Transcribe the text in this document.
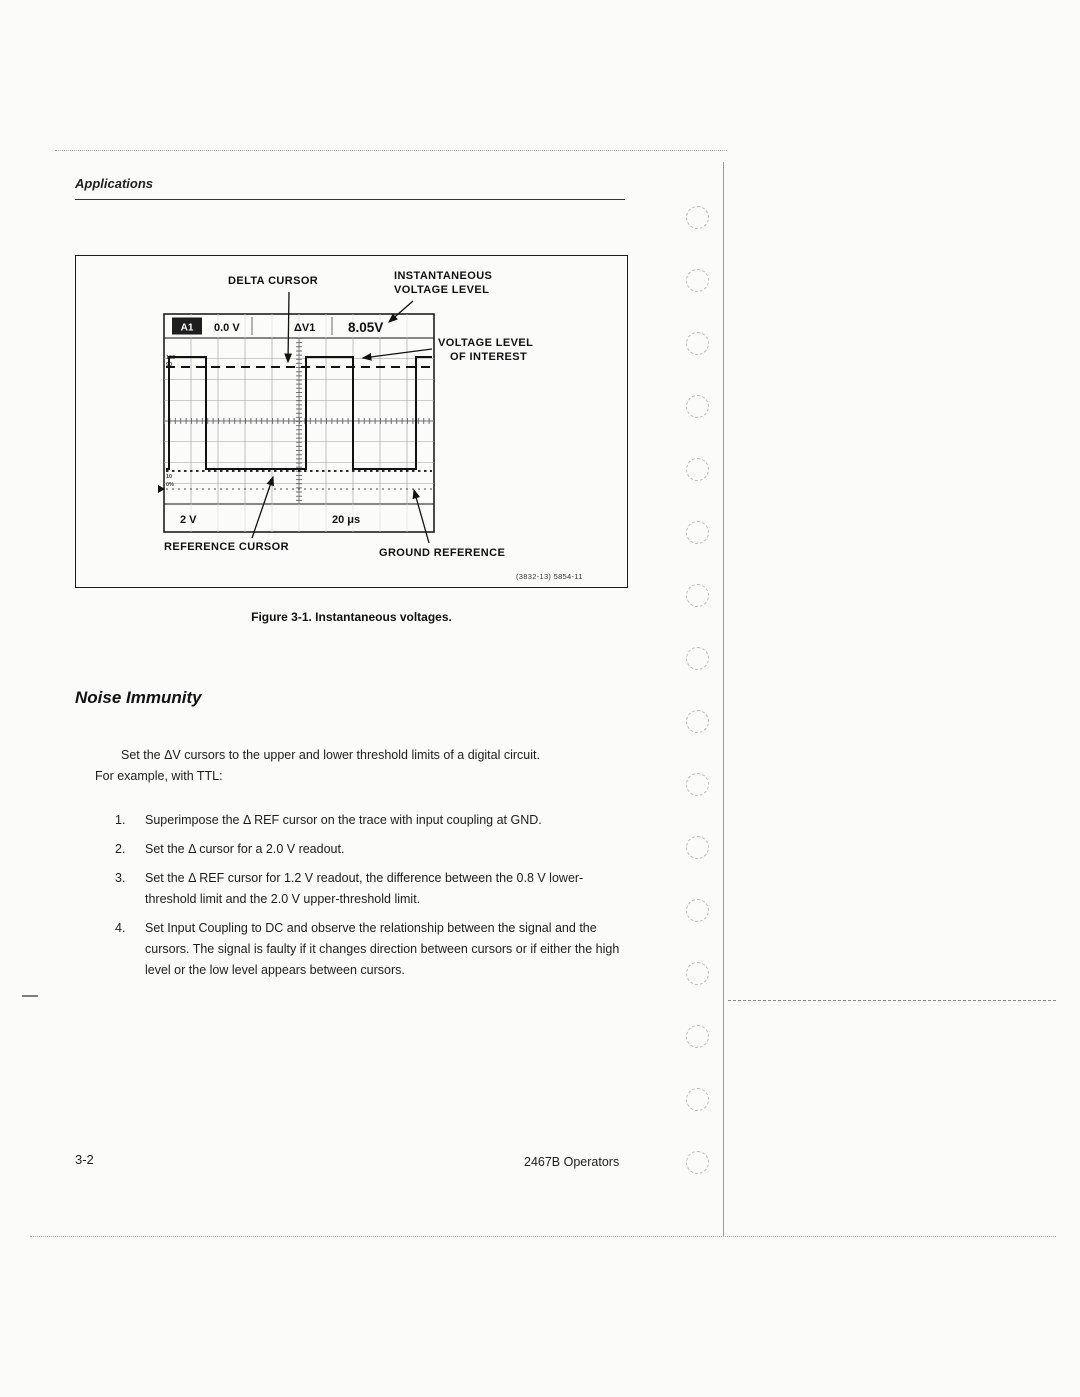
Applications
100
90
10
0%
A1 0.0 V	ΔV1 8.05V
2 V	20 μs
DELTA CURSOR	INSTANTANEOUS
VOLTAGE LEVEL
VOLTAGE LEVEL
OF INTEREST
REFERENCE CURSOR	GROUND REFERENCE
(3832-13) 5854-11
Figure 3-1. Instantaneous voltages.
Noise Immunity
Set the ΔV cursors to the upper and lower threshold limits of a digital circuit.
For example, with TTL:
1.	Superimpose the Δ REF cursor on the trace with input coupling at GND.
2.	Set the Δ cursor for a 2.0 V readout.
3.	Set the Δ REF cursor for 1.2 V readout, the difference between the 0.8 V lower-threshold limit and the 2.0 V upper-threshold limit.
4.	Set Input Coupling to DC and observe the relationship between the signal and the cursors. The signal is faulty if it changes direction between cursors or if either the high level or the low level appears between cursors.
3-2	2467B Operators
